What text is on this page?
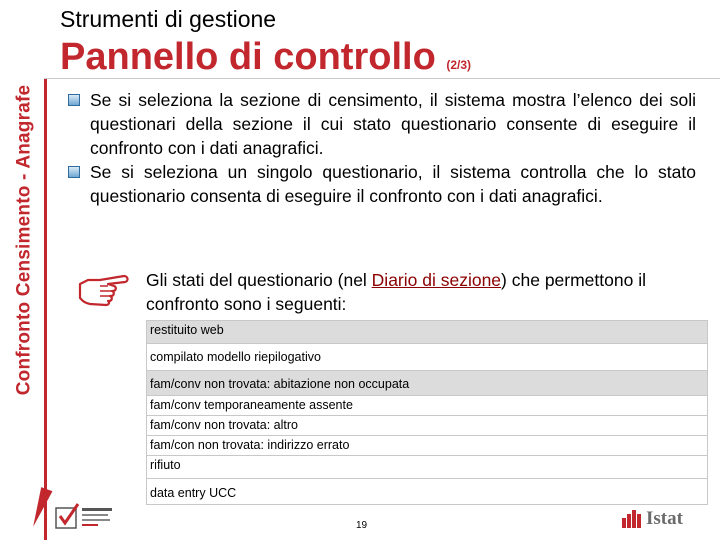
Confronto Censimento - Anagrafe
Strumenti di gestione
Pannello di controllo (2/3)
Se si seleziona la sezione di censimento, il sistema mostra l’elenco dei soli questionari della sezione il cui stato questionario consente di eseguire il confronto con i dati anagrafici.
Se si seleziona un singolo questionario, il sistema controlla che lo stato questionario consenta di eseguire il confronto con i dati anagrafici.
Gli stati del questionario (nel Diario di sezione) che permettono il confronto sono i seguenti:
restituito web
compilato modello riepilogativo
fam/conv non trovata: abitazione non occupata
fam/conv temporaneamente assente
fam/conv non trovata: altro
fam/con non trovata: indirizzo errato
rifiuto
data entry UCC
19	Istat
